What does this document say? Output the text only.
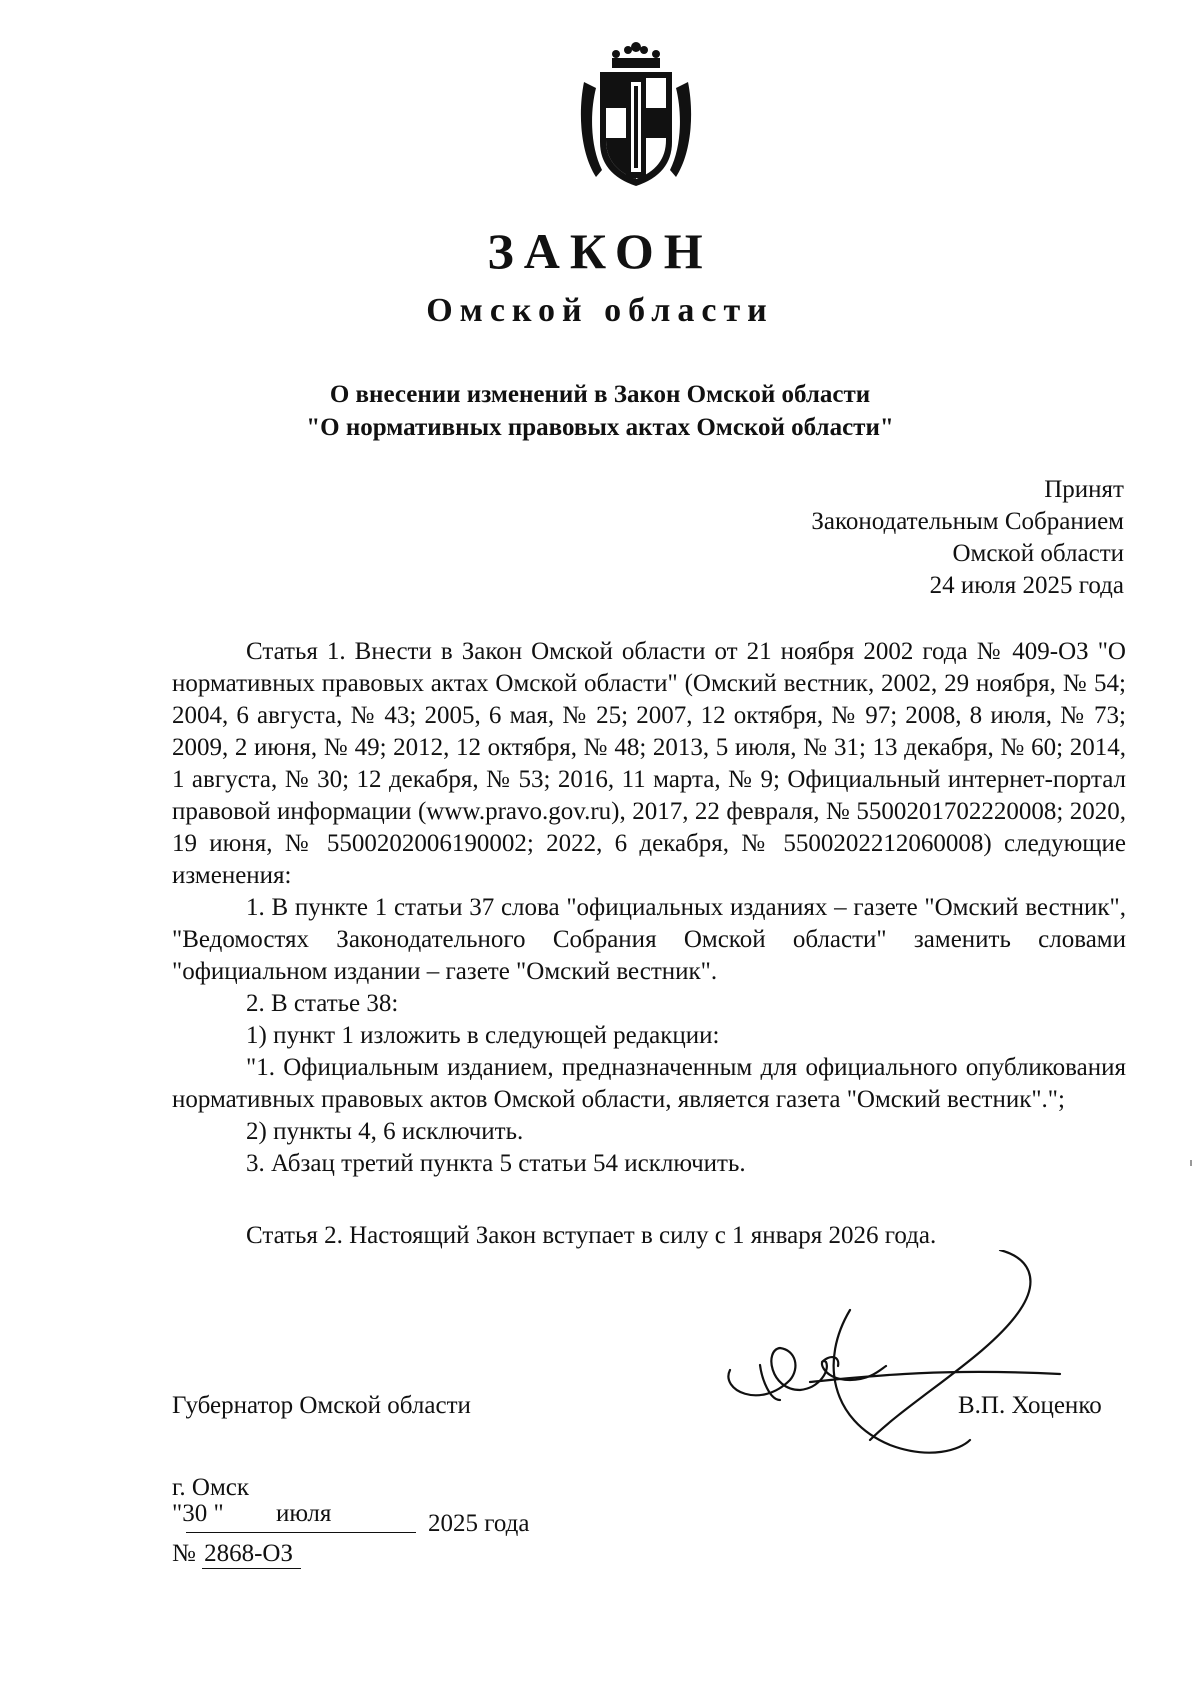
ЗАКОН
Омской области
О внесении изменений в Закон Омской области
"О нормативных правовых актах Омской области"
Принят
Законодательным Собранием
Омской области
24 июля 2025 года

Статья 1. Внести в Закон Омской области от 21 ноября 2002 года № 409-ОЗ "О нормативных правовых актах Омской области" (Омский вестник, 2002, 29 ноября, № 54; 2004, 6 августа, № 43; 2005, 6 мая, № 25; 2007, 12 октября, № 97; 2008, 8 июля, № 73; 2009, 2 июня, № 49; 2012, 12 октября, № 48; 2013, 5 июля, № 31; 13 декабря, № 60; 2014, 1 августа, № 30; 12 декабря, № 53; 2016, 11 марта, № 9; Официальный интернет-портал правовой информации (www.pravo.gov.ru), 2017, 22 февраля, № 5500201702220008; 2020, 19 июня, № 5500202006190002; 2022, 6 декабря, № 5500202212060008) следующие изменения:

1. В пункте 1 статьи 37 слова "официальных изданиях – газете "Омский вестник", "Ведомостях Законодательного Собрания Омской области" заменить словами "официальном издании – газете "Омский вестник".

2. В статье 38:

1) пункт 1 изложить в следующей редакции:

"1. Официальным изданием, предназначенным для официального опубликования нормативных правовых актов Омской области, является газета "Омский вестник".";

2) пункты 4, 6 исключить.

3. Абзац третий пункта 5 статьи 54 исключить.

Статья 2. Настоящий Закон вступает в силу с 1 января 2026 года.

Губернатор Омской области	В.П. Хоценко
г. Омск
"30 " июля	2025 года
№ 2868-ОЗ
